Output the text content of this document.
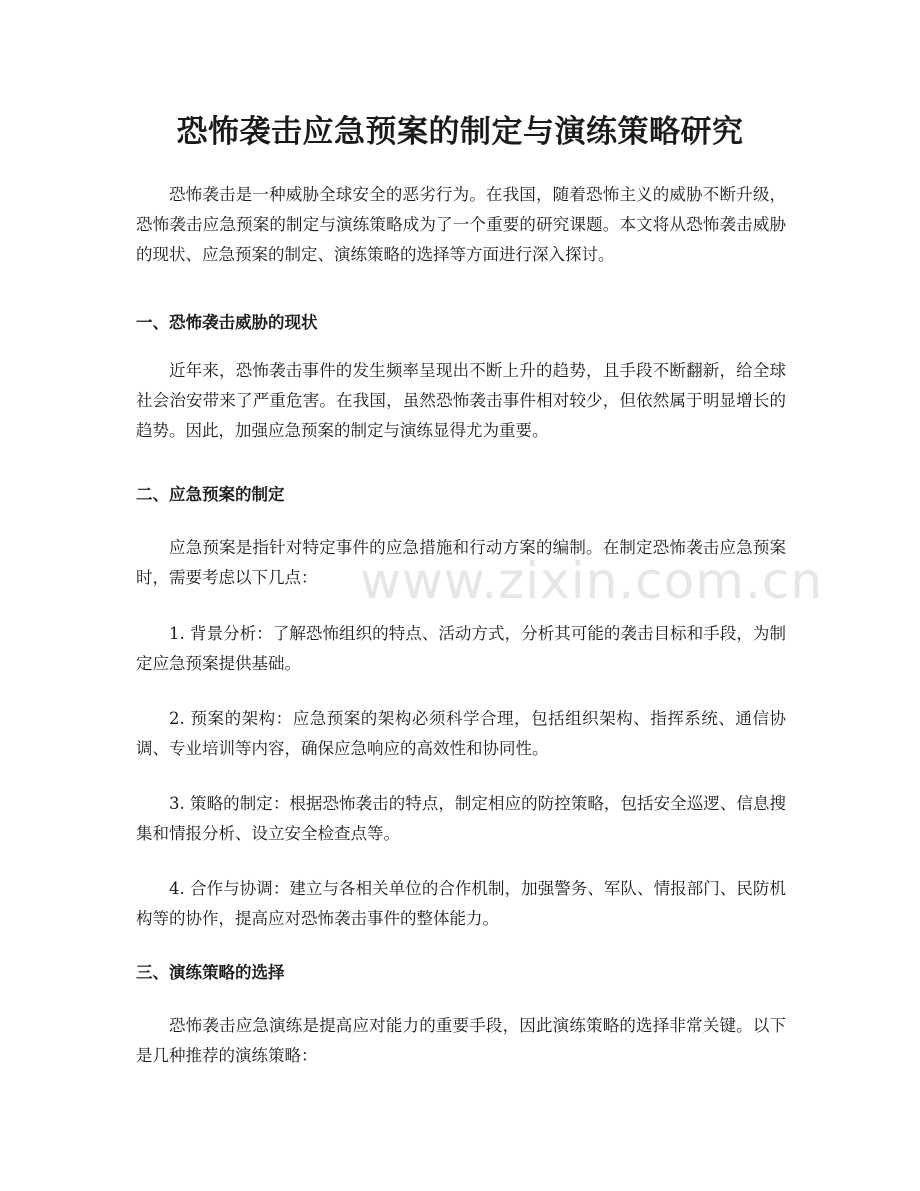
www.zixin.com.cn
恐怖袭击应急预案的制定与演练策略研究

恐怖袭击是一种威胁全球安全的恶劣行为。在我国，随着恐怖主义的威胁不断升级，恐怖袭击应急预案的制定与演练策略成为了一个重要的研究课题。本文将从恐怖袭击威胁的现状、应急预案的制定、演练策略的选择等方面进行深入探讨。

一、恐怖袭击威胁的现状

近年来，恐怖袭击事件的发生频率呈现出不断上升的趋势，且手段不断翻新，给全球社会治安带来了严重危害。在我国，虽然恐怖袭击事件相对较少，但依然属于明显增长的趋势。因此，加强应急预案的制定与演练显得尤为重要。

二、应急预案的制定

应急预案是指针对特定事件的应急措施和行动方案的编制。在制定恐怖袭击应急预案时，需要考虑以下几点：

1. 背景分析：了解恐怖组织的特点、活动方式，分析其可能的袭击目标和手段，为制定应急预案提供基础。

2. 预案的架构：应急预案的架构必须科学合理，包括组织架构、指挥系统、通信协调、专业培训等内容，确保应急响应的高效性和协同性。

3. 策略的制定：根据恐怖袭击的特点，制定相应的防控策略，包括安全巡逻、信息搜集和情报分析、设立安全检查点等。

4. 合作与协调：建立与各相关单位的合作机制，加强警务、军队、情报部门、民防机构等的协作，提高应对恐怖袭击事件的整体能力。

三、演练策略的选择

恐怖袭击应急演练是提高应对能力的重要手段，因此演练策略的选择非常关键。以下是几种推荐的演练策略：
